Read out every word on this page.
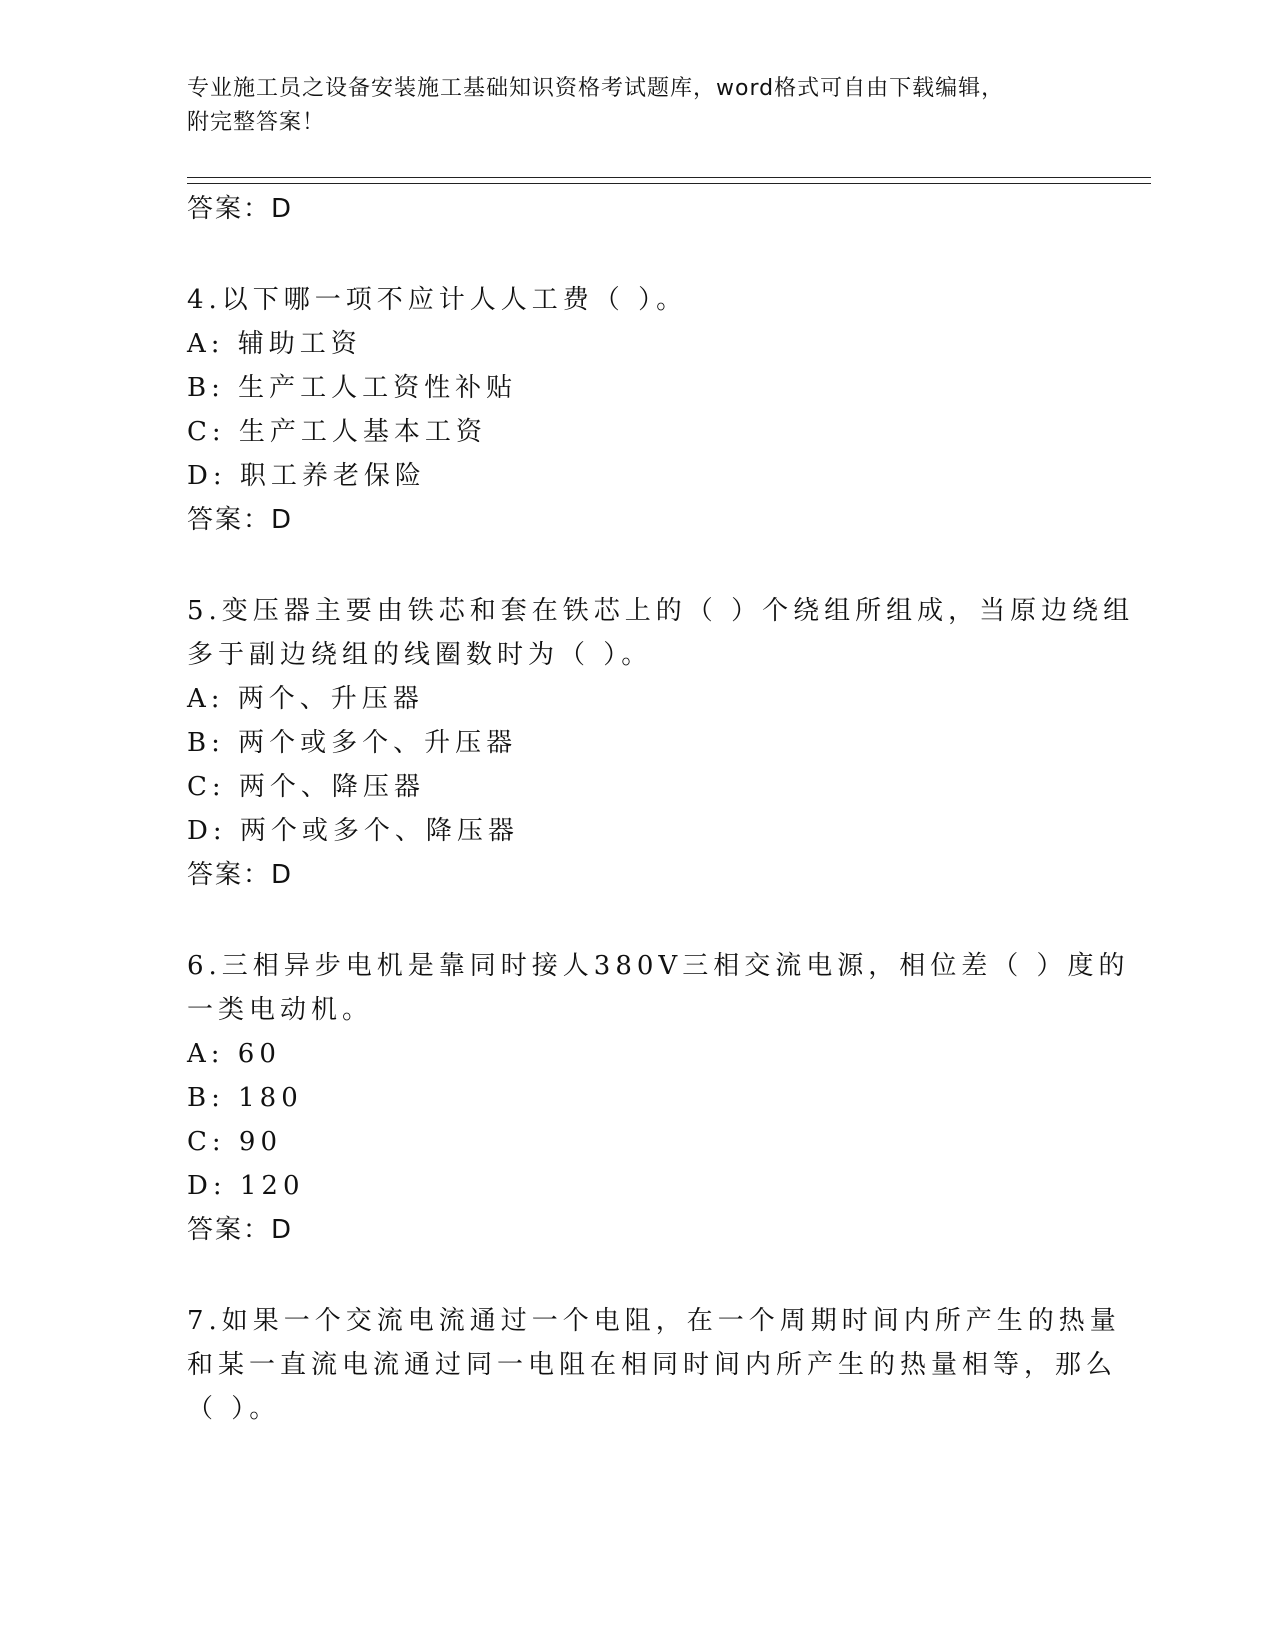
专业施工员之设备安装施工基础知识资格考试题库，word格式可自由下载编辑，
附完整答案！
答案：D
4.以下哪一项不应计人人工费（ ）。
A: 辅助工资
B: 生产工人工资性补贴
C: 生产工人基本工资
D: 职工养老保险
答案：D
5.变压器主要由铁芯和套在铁芯上的（ ）个绕组所组成，当原边绕组
多于副边绕组的线圈数时为（ ）。
A: 两个、升压器
B: 两个或多个、升压器
C: 两个、降压器
D: 两个或多个、降压器
答案：D
6.三相异步电机是靠同时接人380V三相交流电源，相位差（ ）度的
一类电动机。
A: 60
B: 180
C: 90
D: 120
答案：D
7.如果一个交流电流通过一个电阻，在一个周期时间内所产生的热量
和某一直流电流通过同一电阻在相同时间内所产生的热量相等，那么
（ ）。
